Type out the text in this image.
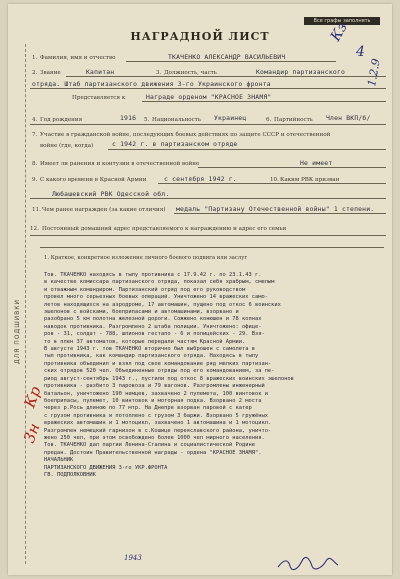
Все графы заполнять
НАГРАДНОЙ ЛИСТ
ДЛЯ ПОДШИВКИ
1. Фамилия, имя и отчество	ТКАЧЕНКО АЛЕКСАНДР ВАСИЛЬЕВИЧ
2. Звание	Капитан	3. Должность, часть	Командир партизанского
отряда. Штаб партизанского движения 3-го Украинского фронта
Представляется к	Награде орденом "КРАСНОЕ ЗНАМЯ"
4. Год рождения	1916 5. Национальность Украинец	6. Партийность Член ВКП/б/
7. Участие в гражданской войне, последующих боевых действиях по защите СССР и отечественной
войне (где, когда)	с 1942 г. в партизанском отряде
8. Имеет ли ранения и контузии в отечественной войне	Не имеет
9. С какого времени в Красной Армии	с сентября 1942 г.	10. Каким РВК призван
Любашевский РВК Одесской обл.
11. Чем ранее награжден (за какие отличия) медаль "Партизану Отечественной войны" 1 степени.
12. Постоянный домашний адрес представляемого к награждению и адрес его семьи
1. Краткое, конкретное изложение личного боевого подвига или заслуг

Тов. ТКАЧЕНКО находясь в тылу противника с 17.9.42 г. по 23.1.43 г.

в качестве комиссара партизанского отряда, показал себя храбрым, смелым

и отважным командиром. Партизанский отряд под его руководством

провел много серьезных боевых операций. Уничтожено 14 вражеских само-

летов находящихся на аэродроме, 17 автомашин, пущено под откос 6 воинских

эшелонов с войсками, боеприпасами и автомашинами, взорвано и

разобрано 5 км полотна железной дороги. Сожжено конюшен и 78 копнах

наводок противника. Разгромлено 2 штаба полиции. Уничтожено: офице-

ров - 31, солдат - 788, шпионов гестапо - 6 и полицейских - 29. Взя-

то в плен 37 автоматов, которые передали частям Красной Армии.

В августе 1943 г. тов ТКАЧЕНКО вторично был выброшен с самолета в

тыл противника, как командир партизанского отряда. Находясь в тылу

противника объединил и взял под свое командование ряд мелких партизан-

ских отрядов 520 чел. Объединенные отряды под его командованием, за пе-

риод август-сентябрь 1943 г., пустили под откос 8 вражеских воинских эшелонов

противника - разбито 3 паровоза и 79 вагонов. Разгромлены инженерный

батальон, уничтожено 190 немцев, захвачено 2 пулемета, 100 винтовок и

боеприпасы, пулемет, 10 винтовок и моторная лодка. Взорвано 2 моста

через р.Рось длиною по 77 мтр. На Днепре взорван паровой с катер

с грузом противника и потоплено с грузом 3 баржи. Взорвано 5 гружёных

вражеских автомашин и 1 мотоцикл, захвачено 1 автомашина и 1 мотоцикл.

Разгромлен немецкий гарнизон в с.Кошице переяславского района, уничто-

жено 250 чел, при этом освобождено более 1000 чел мирного населения.

Тов. ТКАЧЕНКО дал партии Ленина-Сталина и социалистической Родине

предан. Достоин Правительственной награды - ордена "КРАСНОЕ ЗНАМЯ".

НАЧАЛЬНИК

ПАРТИЗАНСКОГО ДВИЖЕНИЯ 3-го УКР.ФРОНТА

ГВ. ПОДПОЛКОВНИК

Кз
4
1.2.9
Кр
3н
1943
